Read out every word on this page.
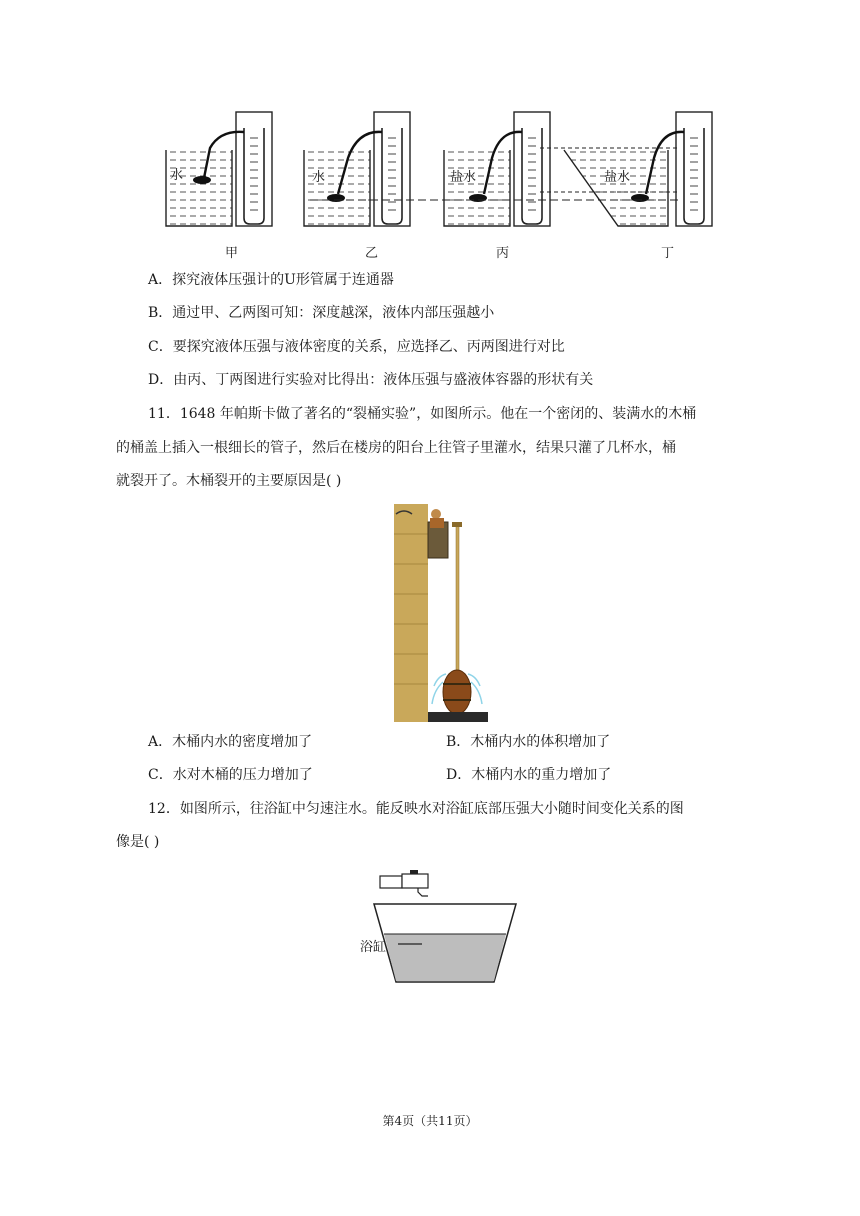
水	水	盐水	盐水
甲	乙	丙	丁
A．探究液体压强计的U形管属于连通器
B．通过甲、乙两图可知：深度越深，液体内部压强越小
C．要探究液体压强与液体密度的关系，应选择乙、丙两图进行对比
D．由丙、丁两图进行实验对比得出：液体压强与盛液体容器的形状有关
11．1648 年帕斯卡做了著名的“裂桶实验”，如图所示。他在一个密闭的、装满水的木桶
的桶盖上插入一根细长的管子，然后在楼房的阳台上往管子里灌水，结果只灌了几杯水，桶
就裂开了。木桶裂开的主要原因是( )
A．木桶内水的密度增加了	B．木桶内水的体积增加了
C．水对木桶的压力增加了	D．木桶内水的重力增加了
12．如图所示，往浴缸中匀速注水。能反映水对浴缸底部压强大小随时间变化关系的图
像是( )
浴缸
第4页（共11页）
